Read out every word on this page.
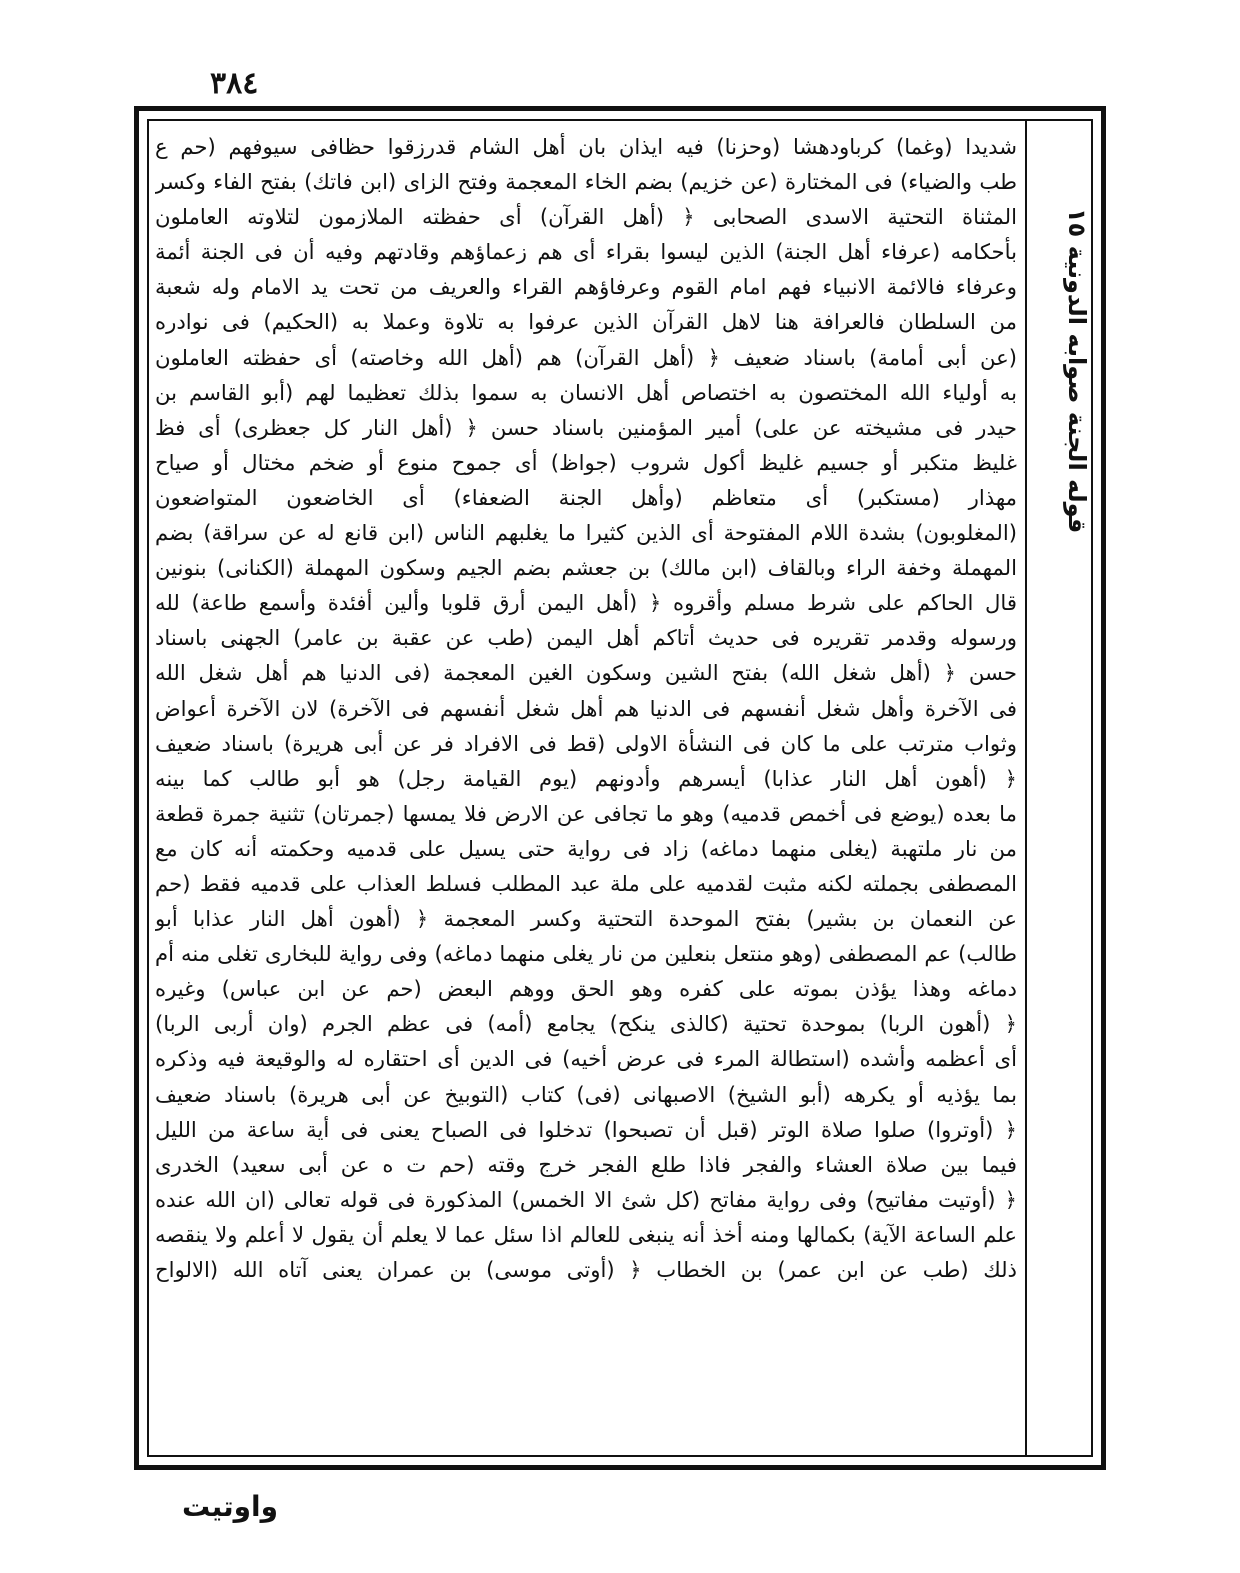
٣٨٤
شديدا (وغما) كرباودهشا (وحزنا) فيه ايذان بان أهل الشام قدرزقوا حظافى سيوفهم (حم ع
طب والضياء) فى المختارة (عن خزيم) بضم الخاء المعجمة وفتح الزاى (ابن فاتك) بفتح الفاء وكسر
المثناة التحتية الاسدى الصحابى ﴿ (أهل القرآن) أى حفظته الملازمون لتلاوته العاملون
بأحكامه (عرفاء أهل الجنة) الذين ليسوا بقراء أى هم زعماؤهم وقادتهم وفيه أن فى الجنة أئمة
وعرفاء فالائمة الانبياء فهم امام القوم وعرفاؤهم القراء والعريف من تحت يد الامام وله شعبة
من السلطان فالعرافة هنا لاهل القرآن الذين عرفوا به تلاوة وعملا به (الحكيم) فى نوادره
(عن أبى أمامة) باسناد ضعيف ﴿ (أهل القرآن) هم (أهل الله وخاصته) أى حفظته العاملون
به أولياء الله المختصون به اختصاص أهل الانسان به سموا بذلك تعظيما لهم (أبو القاسم بن
حيدر فى مشيخته عن على) أمير المؤمنين باسناد حسن ﴿ (أهل النار كل جعظرى) أى فظ
غليظ متكبر أو جسيم غليظ أكول شروب (جواظ) أى جموح منوع أو ضخم مختال أو صياح
مهذار (مستكبر) أى متعاظم (وأهل الجنة الضعفاء) أى الخاضعون المتواضعون
(المغلوبون) بشدة اللام المفتوحة أى الذين كثيرا ما يغلبهم الناس (ابن قانع له عن سراقة) بضم
المهملة وخفة الراء وبالقاف (ابن مالك) بن جعشم بضم الجيم وسكون المهملة (الكنانى) بنونين
قال الحاكم على شرط مسلم وأقروه ﴿ (أهل اليمن أرق قلوبا وألين أفئدة وأسمع طاعة) لله
ورسوله وقدمر تقريره فى حديث أتاكم أهل اليمن (طب عن عقبة بن عامر) الجهنى باسناد
حسن ﴿ (أهل شغل الله) بفتح الشين وسكون الغين المعجمة (فى الدنيا هم أهل شغل الله
فى الآخرة وأهل شغل أنفسهم فى الدنيا هم أهل شغل أنفسهم فى الآخرة) لان الآخرة أعواض
وثواب مترتب على ما كان فى النشأة الاولى (قط فى الافراد فر عن أبى هريرة) باسناد ضعيف
﴿ (أهون أهل النار عذابا) أيسرهم وأدونهم (يوم القيامة رجل) هو أبو طالب كما بينه
ما بعده (يوضع فى أخمص قدميه) وهو ما تجافى عن الارض فلا يمسها (جمرتان) تثنية جمرة قطعة
من نار ملتهبة (يغلى منهما دماغه) زاد فى رواية حتى يسيل على قدميه وحكمته أنه كان مع
المصطفى بجملته لكنه مثبت لقدميه على ملة عبد المطلب فسلط العذاب على قدميه فقط (حم
عن النعمان بن بشير) بفتح الموحدة التحتية وكسر المعجمة ﴿ (أهون أهل النار عذابا أبو
طالب) عم المصطفى (وهو منتعل بنعلين من نار يغلى منهما دماغه) وفى رواية للبخارى تغلى منه أم
دماغه وهذا يؤذن بموته على كفره وهو الحق ووهم البعض (حم عن ابن عباس) وغيره
﴿ (أهون الربا) بموحدة تحتية (كالذى ينكح) يجامع (أمه) فى عظم الجرم (وان أربى الربا)
أى أعظمه وأشده (استطالة المرء فى عرض أخيه) فى الدين أى احتقاره له والوقيعة فيه وذكره
بما يؤذيه أو يكرهه (أبو الشيخ) الاصبهانى (فى) كتاب (التوبيخ عن أبى هريرة) باسناد ضعيف
﴿ (أوتروا) صلوا صلاة الوتر (قبل أن تصبحوا) تدخلوا فى الصباح يعنى فى أية ساعة من الليل
فيما بين صلاة العشاء والفجر فاذا طلع الفجر خرج وقته (حم ت ه عن أبى سعيد) الخدرى
﴿ (أوتيت مفاتيح) وفى رواية مفاتح (كل شئ الا الخمس) المذكورة فى قوله تعالى (ان الله عنده
علم الساعة الآية) بكمالها ومنه أخذ أنه ينبغى للعالم اذا سئل عما لا يعلم أن يقول لا أعلم ولا ينقصه
ذلك (طب عن ابن عمر) بن الخطاب ﴿ (أوتى موسى) بن عمران يعنى آتاه الله (الالواح
قوله الجنة صوابه الدونية ١٥
واوتيت
